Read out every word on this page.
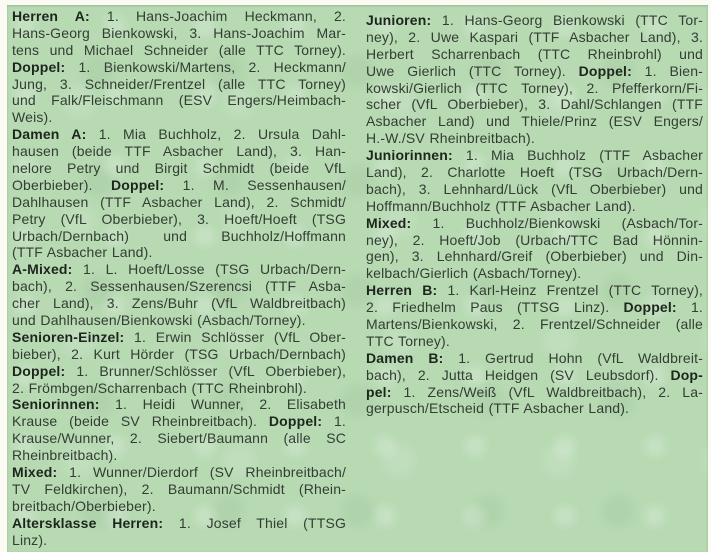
Herren A: 1. Hans-Joachim Heckmann, 2.
Hans-Georg Bienkowski, 3. Hans-Joachim Mar-
tens und Michael Schneider (alle TTC Torney).
Doppel: 1. Bienkowski/Martens, 2. Heckmann/
Jung, 3. Schneider/Frentzel (alle TTC Torney)
und Falk/Fleischmann (ESV Engers/Heimbach-
Weis).
Damen A: 1. Mia Buchholz, 2. Ursula Dahl-
hausen (beide TTF Asbacher Land), 3. Han-
nelore Petry und Birgit Schmidt (beide VfL
Oberbieber). Doppel: 1. M. Sessenhausen/
Dahlhausen (TTF Asbacher Land), 2. Schmidt/
Petry (VfL Oberbieber), 3. Hoeft/Hoeft (TSG
Urbach/Dernbach) und Buchholz/Hoffmann
(TTF Asbacher Land).
A-Mixed: 1. L. Hoeft/Losse (TSG Urbach/Dern-
bach), 2. Sessenhausen/Szerencsi (TTF Asba-
cher Land), 3. Zens/Buhr (VfL Waldbreitbach)
und Dahlhausen/Bienkowski (Asbach/Torney).
Senioren-Einzel: 1. Erwin Schlösser (VfL Ober-
bieber), 2. Kurt Hörder (TSG Urbach/Dernbach)
Doppel: 1. Brunner/Schlösser (VfL Oberbieber),
2. Frömbgen/Scharrenbach (TTC Rheinbrohl).
Seniorinnen: 1. Heidi Wunner, 2. Elisabeth
Krause (beide SV Rheinbreitbach). Doppel: 1.
Krause/Wunner, 2. Siebert/Baumann (alle SC
Rheinbreitbach).
Mixed: 1. Wunner/Dierdorf (SV Rheinbreitbach/
TV Feldkirchen), 2. Baumann/Schmidt (Rhein-
breitbach/Oberbieber).
Altersklasse Herren: 1. Josef Thiel (TTSG
Linz).
Junioren: 1. Hans-Georg Bienkowski (TTC Tor-
ney), 2. Uwe Kaspari (TTF Asbacher Land), 3.
Herbert Scharrenbach (TTC Rheinbrohl) und
Uwe Gierlich (TTC Torney). Doppel: 1. Bien-
kowski/Gierlich (TTC Torney), 2. Pfefferkorn/Fi-
scher (VfL Oberbieber), 3. Dahl/Schlangen (TTF
Asbacher Land) und Thiele/Prinz (ESV Engers/
H.-W./SV Rheinbreitbach).
Juniorinnen: 1. Mia Buchholz (TTF Asbacher
Land), 2. Charlotte Hoeft (TSG Urbach/Dern-
bach), 3. Lehnhard/Lück (VfL Oberbieber) und
Hoffmann/Buchholz (TTF Asbacher Land).
Mixed: 1. Buchholz/Bienkowski (Asbach/Tor-
ney), 2. Hoeft/Job (Urbach/TTC Bad Hönnin-
gen), 3. Lehnhard/Greif (Oberbieber) und Din-
kelbach/Gierlich (Asbach/Torney).
Herren B: 1. Karl-Heinz Frentzel (TTC Torney),
2. Friedhelm Paus (TTSG Linz). Doppel: 1.
Martens/Bienkowski, 2. Frentzel/Schneider (alle
TTC Torney).
Damen B: 1. Gertrud Hohn (VfL Waldbreit-
bach), 2. Jutta Heidgen (SV Leubsdorf). Dop-
pel: 1. Zens/Weiß (VfL Waldbreitbach), 2. La-
gerpusch/Etscheid (TTF Asbacher Land).
